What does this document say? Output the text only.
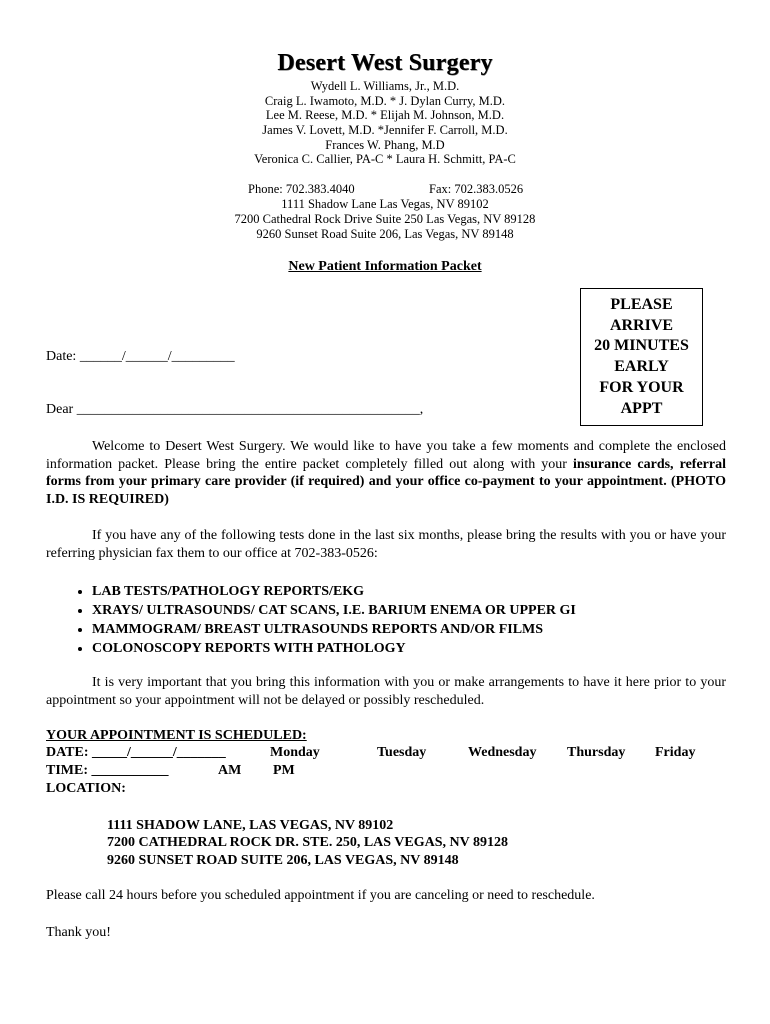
Desert West Surgery
Wydell L. Williams, Jr., M.D.
Craig L. Iwamoto, M.D. * J. Dylan Curry, M.D.
Lee M. Reese, M.D. * Elijah M. Johnson, M.D.
James V. Lovett, M.D. *Jennifer F. Carroll, M.D.
Frances W. Phang, M.D
Veronica C. Callier, PA-C * Laura H. Schmitt, PA-C
Phone: 702.383.4040	Fax: 702.383.0526
1111 Shadow Lane Las Vegas, NV 89102
7200 Cathedral Rock Drive Suite 250 Las Vegas, NV 89128
9260 Sunset Road Suite 206, Las Vegas, NV 89148
New Patient Information Packet
PLEASE
ARRIVE
20 MINUTES
EARLY
FOR YOUR
APPT
Date: ______/______/_________
Dear _________________________________________________,
Welcome to Desert West Surgery. We would like to have you take a few moments and complete the enclosed information packet. Please bring the entire packet completely filled out along with your insurance cards, referral forms from your primary care provider (if required) and your office co-payment to your appointment. (PHOTO I.D. IS REQUIRED)
If you have any of the following tests done in the last six months, please bring the results with you or have your referring physician fax them to our office at 702-383-0526:
• LAB TESTS/PATHOLOGY REPORTS/EKG
• XRAYS/ ULTRASOUNDS/ CAT SCANS, I.E. BARIUM ENEMA OR UPPER GI
• MAMMOGRAM/ BREAST ULTRASOUNDS REPORTS AND/OR FILMS
• COLONOSCOPY REPORTS WITH PATHOLOGY
It is very important that you bring this information with you or make arrangements to have it here prior to your appointment so your appointment will not be delayed or possibly rescheduled.
YOUR APPOINTMENT IS SCHEDULED:
DATE: _____/______/_______	Monday	Tuesday	Wednesday Thursday Friday
TIME: ___________	AM PM
LOCATION:
1111 SHADOW LANE, LAS VEGAS, NV 89102
7200 CATHEDRAL ROCK DR. STE. 250, LAS VEGAS, NV 89128
9260 SUNSET ROAD SUITE 206, LAS VEGAS, NV 89148
Please call 24 hours before you scheduled appointment if you are canceling or need to reschedule.
Thank you!
